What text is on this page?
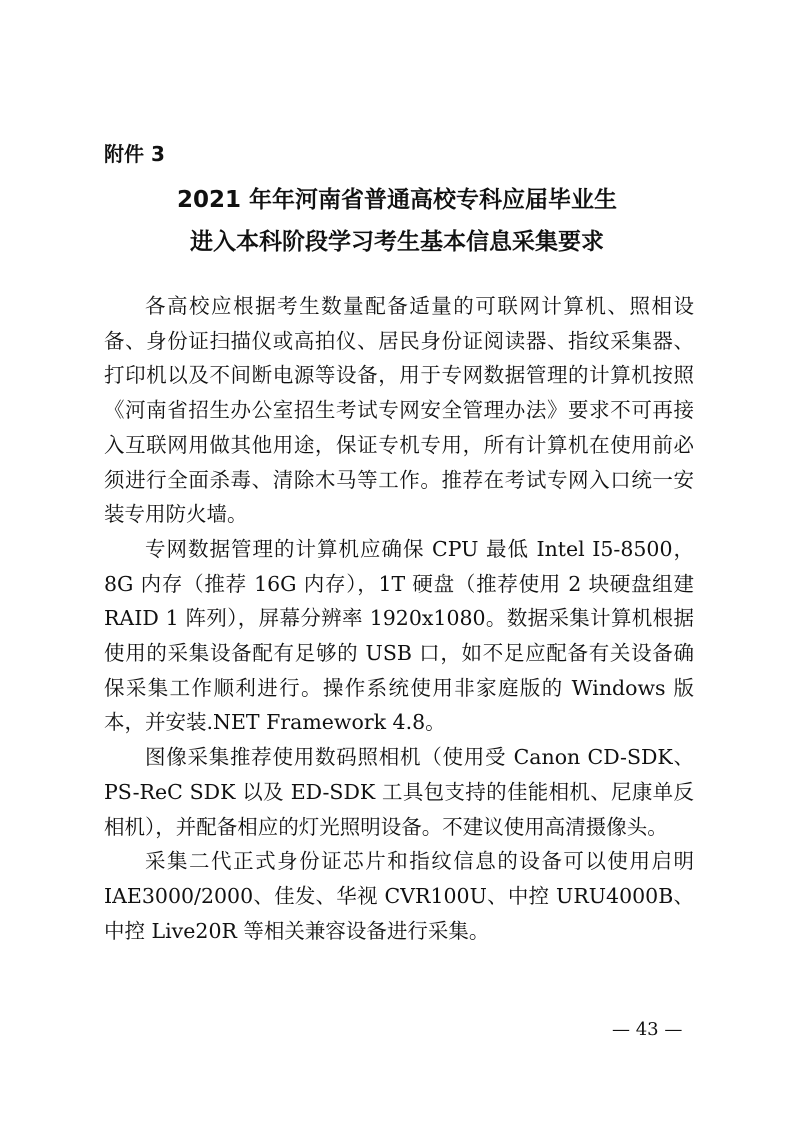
附件 3
2021 年年河南省普通高校专科应届毕业生
进入本科阶段学习考生基本信息采集要求

各高校应根据考生数量配备适量的可联网计算机、照相设备、身份证扫描仪或高拍仪、居民身份证阅读器、指纹采集器、打印机以及不间断电源等设备，用于专网数据管理的计算机按照《河南省招生办公室招生考试专网安全管理办法》要求不可再接入互联网用做其他用途，保证专机专用，所有计算机在使用前必须进行全面杀毒、清除木马等工作。推荐在考试专网入口统一安装专用防火墙。

专网数据管理的计算机应确保 CPU 最低 Intel I5-8500，8G 内存（推荐 16G 内存），1T 硬盘（推荐使用 2 块硬盘组建 RAID 1 阵列），屏幕分辨率 1920x1080。数据采集计算机根据使用的采集设备配有足够的 USB 口，如不足应配备有关设备确保采集工作顺利进行。操作系统使用非家庭版的 Windows 版本，并安装.NET Framework 4.8。

图像采集推荐使用数码照相机（使用受 Canon CD-SDK、PS-ReC SDK 以及 ED-SDK 工具包支持的佳能相机、尼康单反相机），并配备相应的灯光照明设备。不建议使用高清摄像头。

采集二代正式身份证芯片和指纹信息的设备可以使用启明 IAE3000/2000、佳发、华视 CVR100U、中控 URU4000B、中控 Live20R 等相关兼容设备进行采集。

— 43 —
